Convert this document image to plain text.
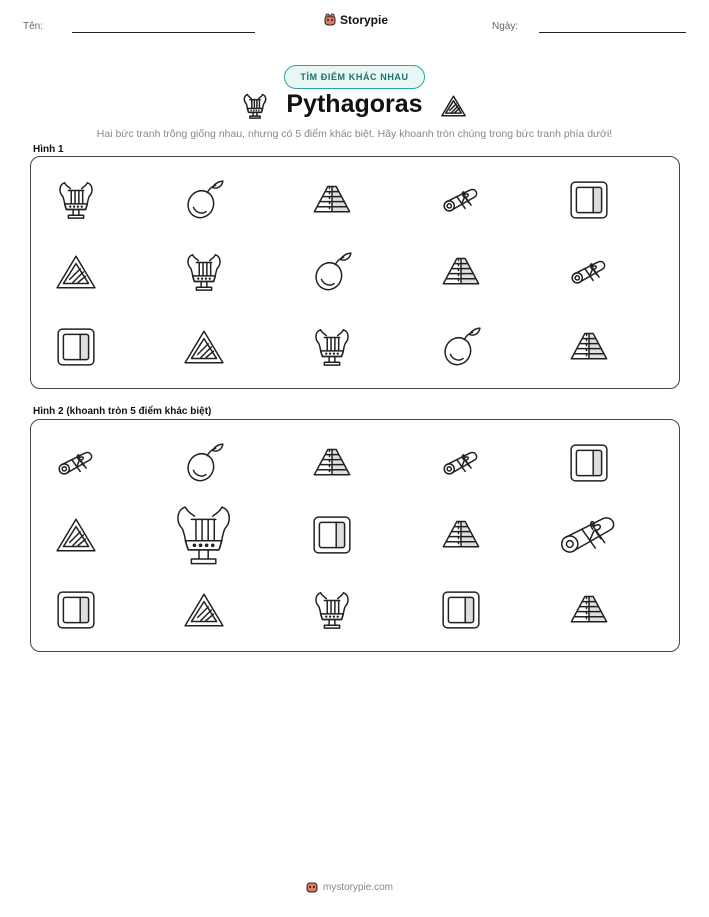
Tên:	Storypie	Ngày:
TÌM ĐIỂM KHÁC NHAU
Pythagoras
Hai bức tranh trông giống nhau, nhưng có 5 điểm khác biệt. Hãy khoanh tròn chúng trong bức tranh phía dưới!
Hình 1
Hình 2 (khoanh tròn 5 điểm khác biệt)
mystorypie.com
